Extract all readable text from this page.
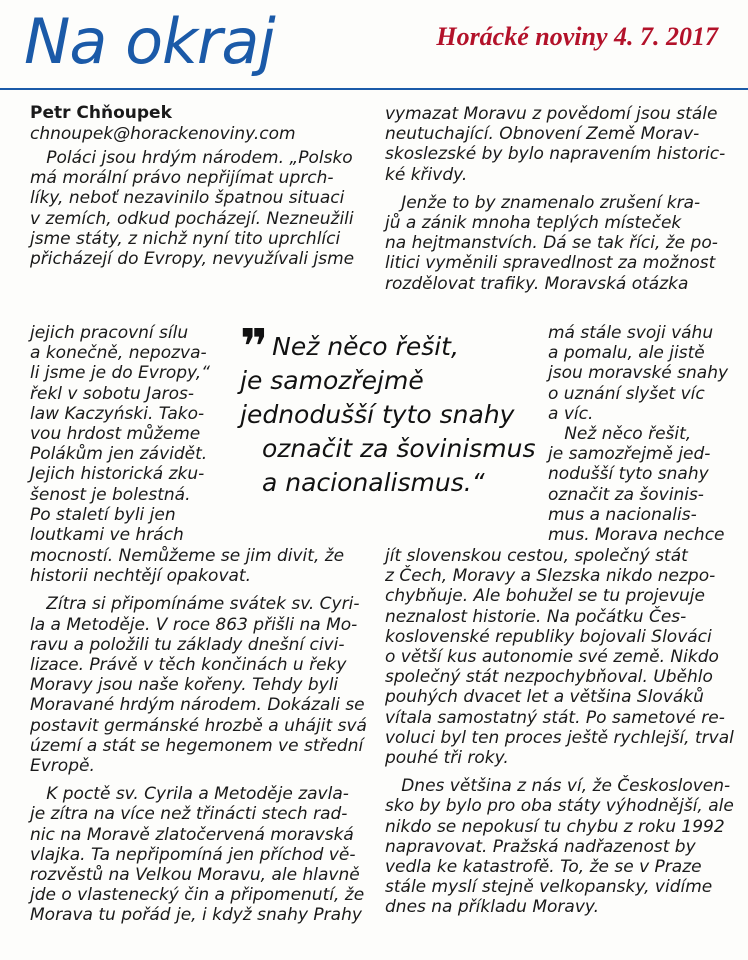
Na okraj	Horácké noviny 4. 7. 2017
Petr Chňoupek
chnoupek@horackenoviny.com
Poláci jsou hrdým národem. „Polsko
má morální právo nepřijímat uprch-
líky, neboť nezavinilo špatnou situaci
v zemích, odkud pocházejí. Nezneužili
jsme státy, z nichž nyní tito uprchlíci
přicházejí do Evropy, nevyužívali jsme
jejich pracovní sílu
a konečně, nepozva-
li jsme je do Evropy,“
řekl v sobotu Jaros-
law Kaczyński. Tako-
vou hrdost můžeme
Polákům jen závidět.
Jejich historická zku-
šenost je bolestná.
Po staletí byli jen
loutkami ve hrách

mocností. Nemůžeme se jim divit, že
historii nechtějí opakovat.

Zítra si připomínáme svátek sv. Cyri-
la a Metoděje. V roce 863 přišli na Mo-
ravu a položili tu základy dnešní civi-
lizace. Právě v těch končinách u řeky
Moravy jsou naše kořeny. Tehdy byli
Moravané hrdým národem. Dokázali se
postavit germánské hrozbě a uhájit svá
území a stát se hegemonem ve střední
Evropě.

K poctě sv. Cyrila a Metoděje zavla-
je zítra na více než třinácti stech rad-
nic na Moravě zlatočervená moravská
vlajka. Ta nepřipomíná jen příchod vě-
rozvěstů na Velkou Moravu, ale hlavně
jde o vlastenecký čin a připomenutí, že
Morava tu pořád je, i když snahy Prahy

❞ Než něco řešit,
je samozřejmě
jednodušší tyto snahy
označit za šovinismus
a nacionalismus.“

vymazat Moravu z povědomí jsou stále
neutuchající. Obnovení Země Morav-
skoslezské by bylo napravením historic-
ké křivdy.

Jenže to by znamenalo zrušení kra-
jů a zánik mnoha teplých místeček
na hejtmanstvích. Dá se tak říci, že po-
litici vyměnili spravedlnost za možnost
rozdělovat trafiky. Moravská otázka

má stále svoji váhu
a pomalu, ale jistě
jsou moravské snahy
o uznání slyšet víc
a víc.
Než něco řešit,
je samozřejmě jed-
nodušší tyto snahy
označit za šovinis-
mus a nacionalis-
mus. Morava nechce

jít slovenskou cestou, společný stát
z Čech, Moravy a Slezska nikdo nezpo-
chybňuje. Ale bohužel se tu projevuje
neznalost historie. Na počátku Čes-
koslovenské republiky bojovali Slováci
o větší kus autonomie své země. Nikdo
společný stát nezpochybňoval. Uběhlo
pouhých dvacet let a většina Slováků
vítala samostatný stát. Po sametové re-
voluci byl ten proces ještě rychlejší, trval
pouhé tři roky.

Dnes většina z nás ví, že Českosloven-
sko by bylo pro oba státy výhodnější, ale
nikdo se nepokusí tu chybu z roku 1992
napravovat. Pražská nadřazenost by
vedla ke katastrofě. To, že se v Praze
stále myslí stejně velkopansky, vidíme
dnes na příkladu Moravy.
